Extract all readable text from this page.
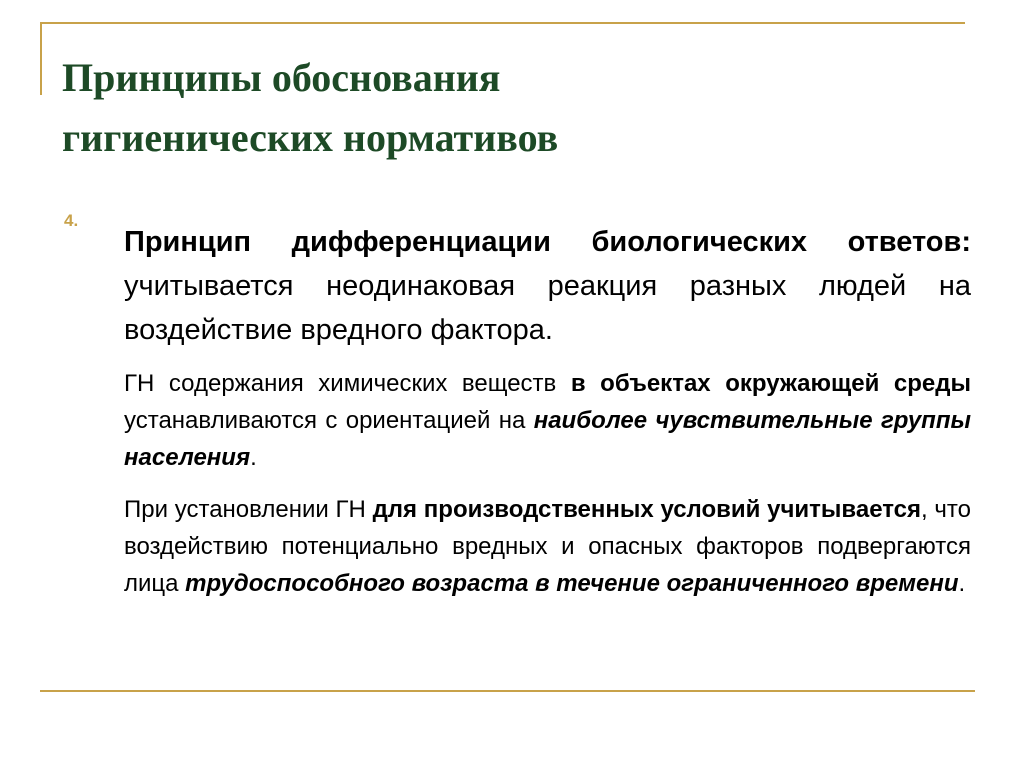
Принципы обоснования
гигиенических нормативов
4.
Принцип дифференциации биологических ответов: учитывается неодинаковая реакция разных людей на воздействие вредного фактора.
ГН содержания химических веществ в объектах окружающей среды устанавливаются с ориентацией на наиболее чувствительные группы населения.
При установлении ГН для производственных условий учитывается, что воздействию потенциально вредных и опасных факторов подвергаются лица трудоспособного возраста в течение ограниченного времени.
